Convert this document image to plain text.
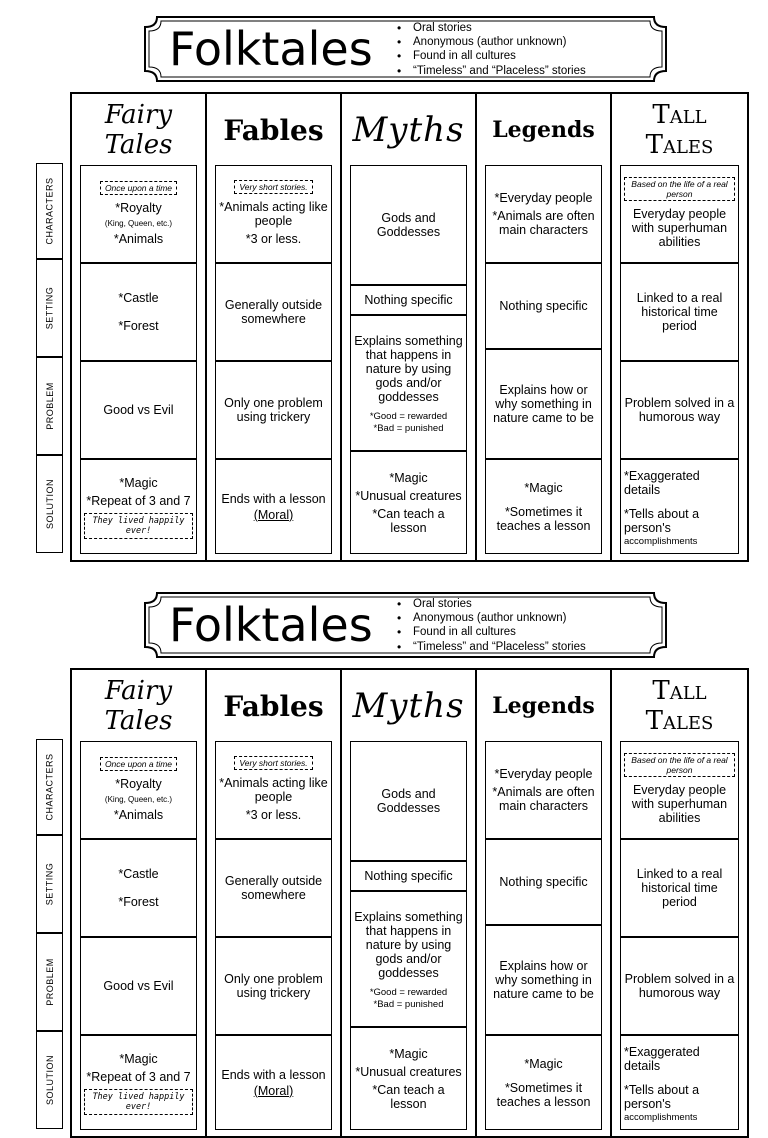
Folktales	• Oral stories
• Anonymous (author unknown)
• Found in all cultures
• “Timeless” and “Placeless” stories
CHARACTERS
SETTING
PROBLEM
SOLUTION
Fairy
Tales
Once upon a time

*Royalty

(King, Queen, etc.)

*Animals

*Castle

*Forest

Good vs Evil

*Magic

*Repeat of 3 and 7

They lived happily ever!
Fables
Very short stories.

*Animals acting like people

*3 or less.

Generally outside somewhere

Only one problem using trickery

Ends with a lesson

(Moral)

Myths

Gods and Goddesses

Nothing specific

Explains something that happens in nature by using gods and/or goddesses

*Good = rewarded

*Bad = punished

*Magic

*Unusual creatures

*Can teach a lesson

Legends

*Everyday people

*Animals are often main characters

Nothing specific

Explains how or why something in nature came to be

*Magic

*Sometimes it teaches a lesson

Tall
Tales
Based on the life of a real person

Everyday people with superhuman abilities

Linked to a real historical time period

Problem solved in a humorous way

*Exaggerated details

*Tells about a person's

accomplishments

Folktales	• Oral stories
• Anonymous (author unknown)
• Found in all cultures
• “Timeless” and “Placeless” stories
CHARACTERS
SETTING
PROBLEM
SOLUTION
Fairy
Tales
Once upon a time

*Royalty

(King, Queen, etc.)

*Animals

*Castle

*Forest

Good vs Evil

*Magic

*Repeat of 3 and 7

They lived happily ever!
Fables
Very short stories.

*Animals acting like people

*3 or less.

Generally outside somewhere

Only one problem using trickery

Ends with a lesson

(Moral)

Myths

Gods and Goddesses

Nothing specific

Explains something that happens in nature by using gods and/or goddesses

*Good = rewarded

*Bad = punished

*Magic

*Unusual creatures

*Can teach a lesson

Legends

*Everyday people

*Animals are often main characters

Nothing specific

Explains how or why something in nature came to be

*Magic

*Sometimes it teaches a lesson

Tall
Tales
Based on the life of a real person

Everyday people with superhuman abilities

Linked to a real historical time period

Problem solved in a humorous way

*Exaggerated details

*Tells about a person's

accomplishments
